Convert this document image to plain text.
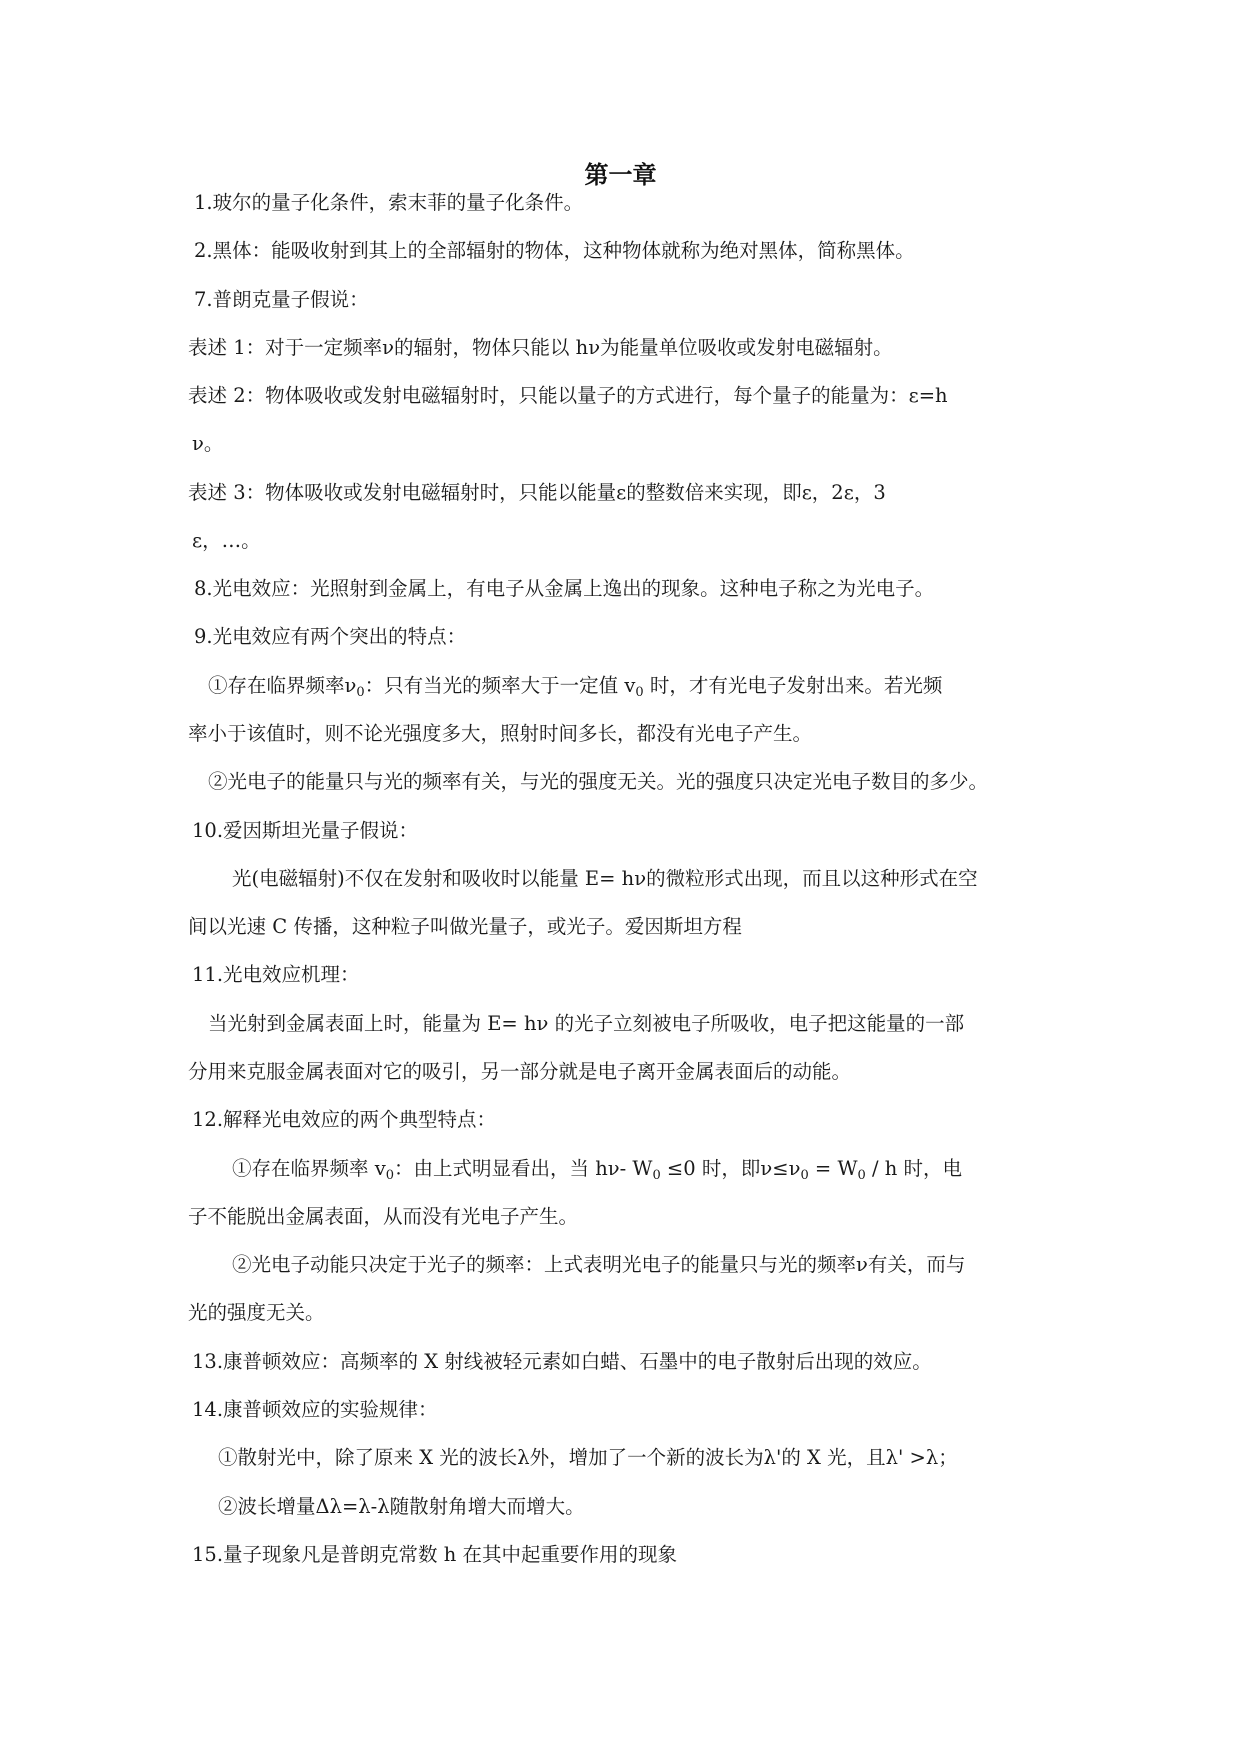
第一章
1.玻尔的量子化条件，索末菲的量子化条件。
2.黑体：能吸收射到其上的全部辐射的物体，这种物体就称为绝对黑体，简称黑体。
7.普朗克量子假说：
表述 1：对于一定频率ν的辐射，物体只能以 hν为能量单位吸收或发射电磁辐射。
表述 2：物体吸收或发射电磁辐射时，只能以量子的方式进行，每个量子的能量为：ε=h
ν。
表述 3：物体吸收或发射电磁辐射时，只能以能量ε的整数倍来实现，即ε，2ε，3
ε，…。
8.光电效应：光照射到金属上，有电子从金属上逸出的现象。这种电子称之为光电子。
9.光电效应有两个突出的特点：
①存在临界频率$\nu_0$：只有当光的频率大于一定值 $v_0$ 时，才有光电子发射出来。若光频
率小于该值时，则不论光强度多大，照射时间多长，都没有光电子产生。
②光电子的能量只与光的频率有关，与光的强度无关。光的强度只决定光电子数目的多少。
10.爱因斯坦光量子假说：
光(电磁辐射)不仅在发射和吸收时以能量 E= hν的微粒形式出现，而且以这种形式在空
间以光速 C 传播，这种粒子叫做光量子，或光子。爱因斯坦方程
11.光电效应机理：
当光射到金属表面上时，能量为 E= hν 的光子立刻被电子所吸收，电子把这能量的一部
分用来克服金属表面对它的吸引，另一部分就是电子离开金属表面后的动能。
12.解释光电效应的两个典型特点：
①存在临界频率 $v_0$：由上式明显看出，当 hν- $W_0 \le 0$ 时，即$\nu\le\nu_0 = W_0 / h$ 时，电
子不能脱出金属表面，从而没有光电子产生。
②光电子动能只决定于光子的频率：上式表明光电子的能量只与光的频率ν有关，而与
光的强度无关。
13.康普顿效应：高频率的 X 射线被轻元素如白蜡、石墨中的电子散射后出现的效应。
14.康普顿效应的实验规律：
①散射光中，除了原来 X 光的波长λ外，增加了一个新的波长为λ'的 X 光，且λ' >λ；
②波长增量Δλ=λ-λ随散射角增大而增大。
15.量子现象凡是普朗克常数 h 在其中起重要作用的现象
